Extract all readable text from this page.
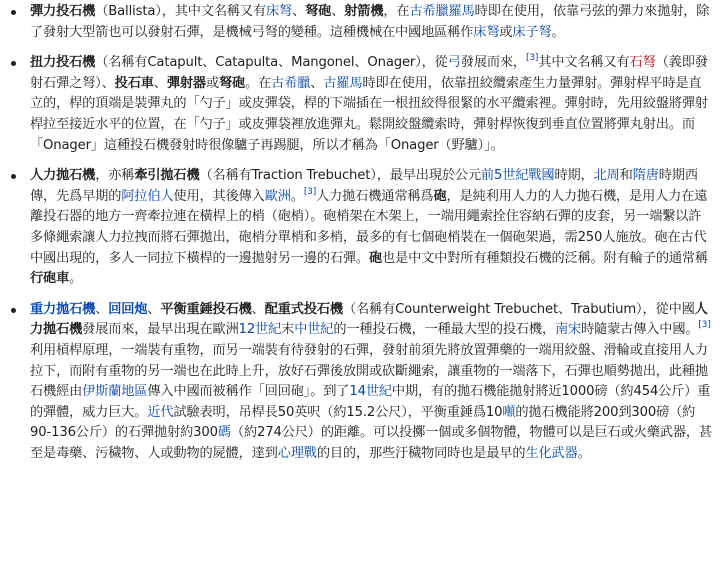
彈力投石機（Ballista），其中文名稱又有床弩、弩砲、射箭機，在古希臘羅馬時即在使用，依靠弓弦的彈力來拋射，除了發射大型箭也可以發射石彈，是機械弓弩的變種。這種機械在中國地區稱作床弩或床子弩。
扭力投石機（名稱有Catapult、Catapulta、Mangonel、Onager），從弓發展而來，[3]其中文名稱又有石弩（義即發射石彈之弩）、投石車、彈射器或弩砲。在古希臘、古羅馬時即在使用，依靠扭絞纜索產生力量彈射。彈射桿平時是直立的，桿的頂端是裝彈丸的「勺子」或皮彈袋，桿的下端插在一根扭絞得很緊的水平纜索裡。彈射時，先用絞盤將彈射桿拉至接近水平的位置，在「勺子」或皮彈袋裡放進彈丸。鬆開絞盤纜索時，彈射桿恢復到垂直位置將彈丸射出。而「Onager」這種投石機發射時很像驢子再踢腿，所以才稱為「Onager（野驢）」。
人力拋石機，亦稱牽引拋石機（名稱有Traction Trebuchet），最早出現於公元前5世紀戰國時期，北周和隋唐時期西傳，先爲早期的阿拉伯人使用，其後傳入歐洲。[3]人力拋石機通常稱爲砲，是純利用人力的人力拋石機，是用人力在遠離投石器的地方一齊牽拉連在橫桿上的梢（砲梢）。砲梢架在木架上，一端用繩索拴住容納石彈的皮套，另一端繫以許多條繩索讓人力拉拽而將石彈拋出，砲梢分單梢和多梢，最多的有七個砲梢裝在一個砲架過，需250人施放。砲在古代中國出現的，多人一同拉下橫桿的一邊拋射另一邊的石彈。砲也是中文中對所有種類投石機的泛稱。附有輪子的通常稱行砲車。
重力拋石機、回回炮、平衡重錘投石機、配重式投石機（名稱有Counterweight Trebuchet、Trabutium），從中國人力拋石機發展而來，最早出現在歐洲12世紀末中世紀的一種投石機，一種最大型的投石機，南宋時隨蒙古傳入中國。[3]利用槓桿原理，一端裝有重物，而另一端裝有待發射的石彈，發射前須先將放置彈藥的一端用絞盤、滑輪或直接用人力拉下，而附有重物的另一端也在此時上升，放好石彈後放開或砍斷繩索，讓重物的一端落下，石彈也順勢拋出，此種拋石機經由伊斯蘭地區傳入中國而被稱作「回回砲」。到了14世紀中期，有的拋石機能拋射將近1000磅（約454公斤）重的彈體，威力巨大。近代試驗表明，吊桿長50英呎（約15.2公尺），平衡重錘爲10噸的拋石機能將200到300磅（約90-136公斤）的石彈拋射約300碼（約274公尺）的距離。可以投擲一個或多個物體，物體可以是巨石或火藥武器，甚至是毒藥、污穢物、人或動物的屍體，達到心理戰的目的，那些汙穢物同時也是最早的生化武器。
